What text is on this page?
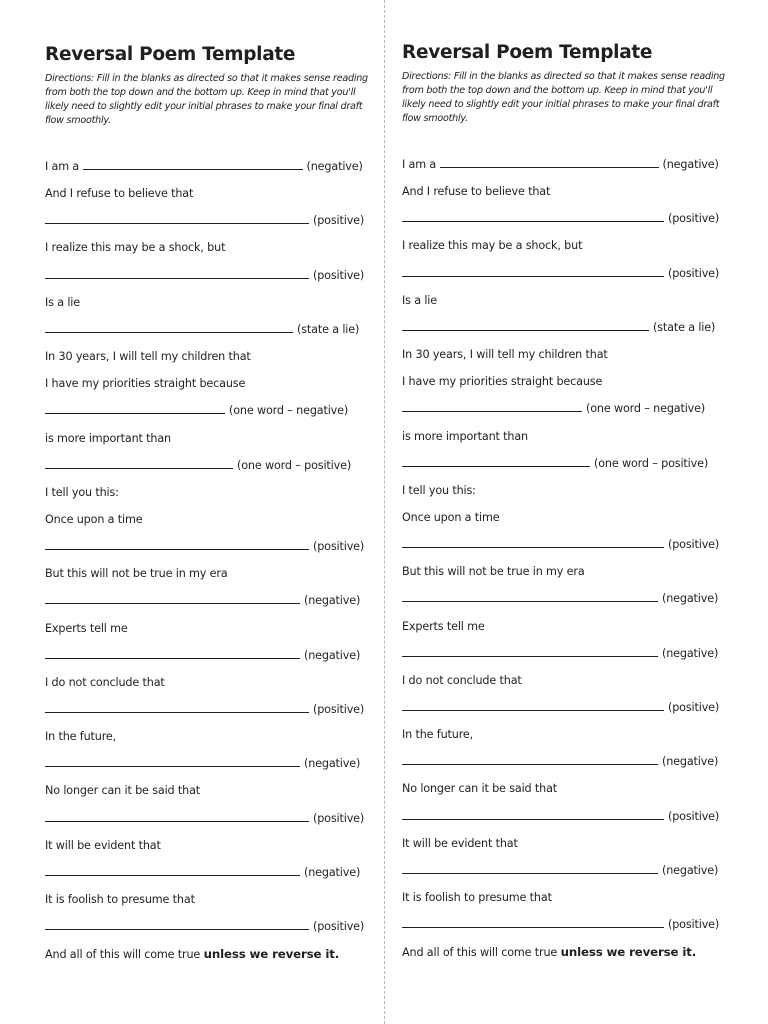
Reversal Poem Template

Directions: Fill in the blanks as directed so that it makes sense reading from both the top down and the bottom up. Keep in mind that you'll likely need to slightly edit your initial phrases to make your final draft flow smoothly.

I am a	(negative)
And I refuse to believe that
(positive)
I realize this may be a shock, but
(positive)
Is a lie
(state a lie)
In 30 years, I will tell my children that
I have my priorities straight because
(one word – negative)
is more important than
(one word – positive)
I tell you this:
Once upon a time
(positive)
But this will not be true in my era
(negative)
Experts tell me
(negative)
I do not conclude that
(positive)
In the future,
(negative)
No longer can it be said that
(positive)
It will be evident that
(negative)
It is foolish to presume that
(positive)
And all of this will come true unless we reverse it.
Reversal Poem Template

Directions: Fill in the blanks as directed so that it makes sense reading from both the top down and the bottom up. Keep in mind that you'll likely need to slightly edit your initial phrases to make your final draft flow smoothly.

I am a	(negative)
And I refuse to believe that
(positive)
I realize this may be a shock, but
(positive)
Is a lie
(state a lie)
In 30 years, I will tell my children that
I have my priorities straight because
(one word – negative)
is more important than
(one word – positive)
I tell you this:
Once upon a time
(positive)
But this will not be true in my era
(negative)
Experts tell me
(negative)
I do not conclude that
(positive)
In the future,
(negative)
No longer can it be said that
(positive)
It will be evident that
(negative)
It is foolish to presume that
(positive)
And all of this will come true unless we reverse it.
